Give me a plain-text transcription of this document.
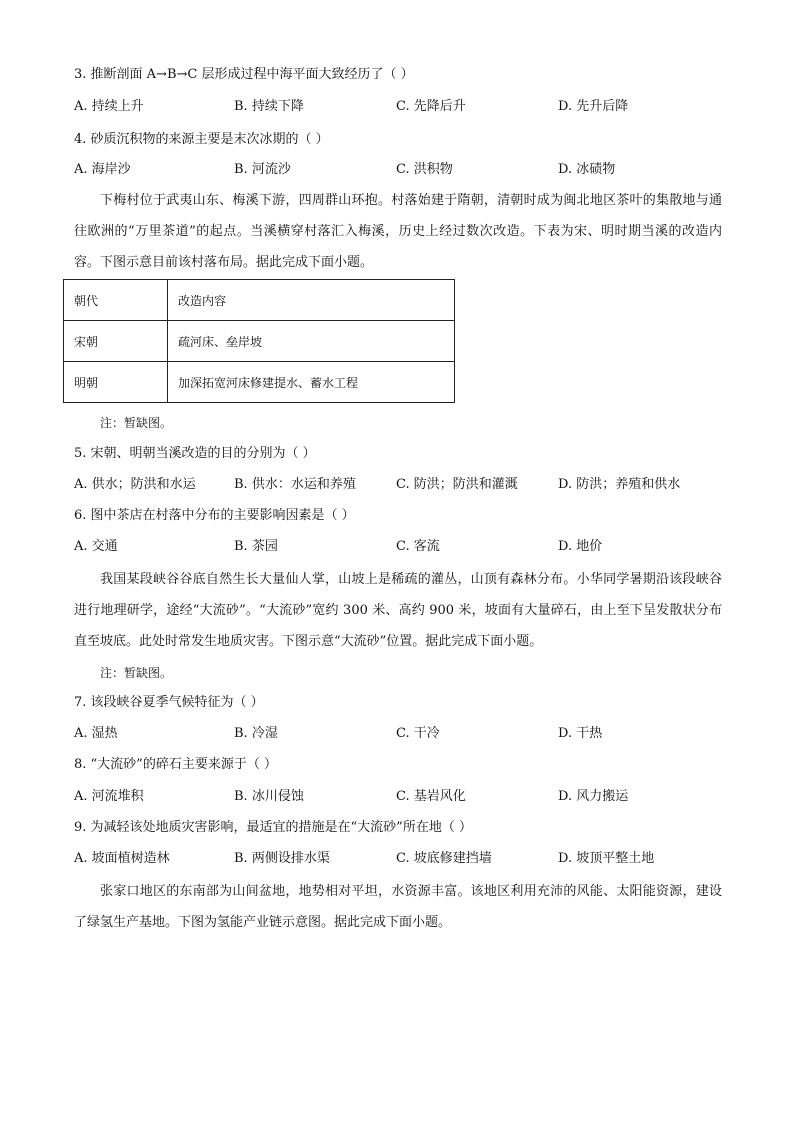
3. 推断剖面 A→B→C 层形成过程中海平面大致经历了（ ）
A. 持续上升	B. 持续下降	C. 先降后升	D. 先升后降
4. 砂质沉积物的来源主要是末次冰期的（ ）
A. 海岸沙	B. 河流沙	C. 洪积物	D. 冰碛物
下梅村位于武夷山东、梅溪下游，四周群山环抱。村落始建于隋朝，清朝时成为闽北地区茶叶的集散地与通往欧洲的“万里茶道”的起点。当溪横穿村落汇入梅溪，历史上经过数次改造。下表为宋、明时期当溪的改造内容。下图示意目前该村落布局。据此完成下面小题。
朝代	改造内容
宋朝	疏河床、垒岸坡
明朝	加深拓宽河床修建提水、蓄水工程
注：暂缺图。
5. 宋朝、明朝当溪改造的目的分别为（ ）
A. 供水；防洪和水运	B. 供水：水运和养殖	C. 防洪；防洪和灌溉	D. 防洪；养殖和供水
6. 图中茶店在村落中分布的主要影响因素是（ ）
A. 交通	B. 茶园	C. 客流	D. 地价
我国某段峡谷谷底自然生长大量仙人掌，山坡上是稀疏的灌丛，山顶有森林分布。小华同学暑期沿该段峡谷进行地理研学，途经“大流砂”。“大流砂”宽约 300 米、高约 900 米，坡面有大量碎石，由上至下呈发散状分布直至坡底。此处时常发生地质灾害。下图示意“大流砂”位置。据此完成下面小题。
注：暂缺图。
7. 该段峡谷夏季气候特征为（ ）
A. 湿热	B. 冷湿	C. 干冷	D. 干热
8. “大流砂”的碎石主要来源于（ ）
A. 河流堆积	B. 冰川侵蚀	C. 基岩风化	D. 风力搬运
9. 为减轻该处地质灾害影响，最适宜的措施是在“大流砂”所在地（ ）
A. 坡面植树造林	B. 两侧设排水渠	C. 坡底修建挡墙	D. 坡顶平整土地
张家口地区的东南部为山间盆地，地势相对平坦，水资源丰富。该地区利用充沛的风能、太阳能资源，建设了绿氢生产基地。下图为氢能产业链示意图。据此完成下面小题。
